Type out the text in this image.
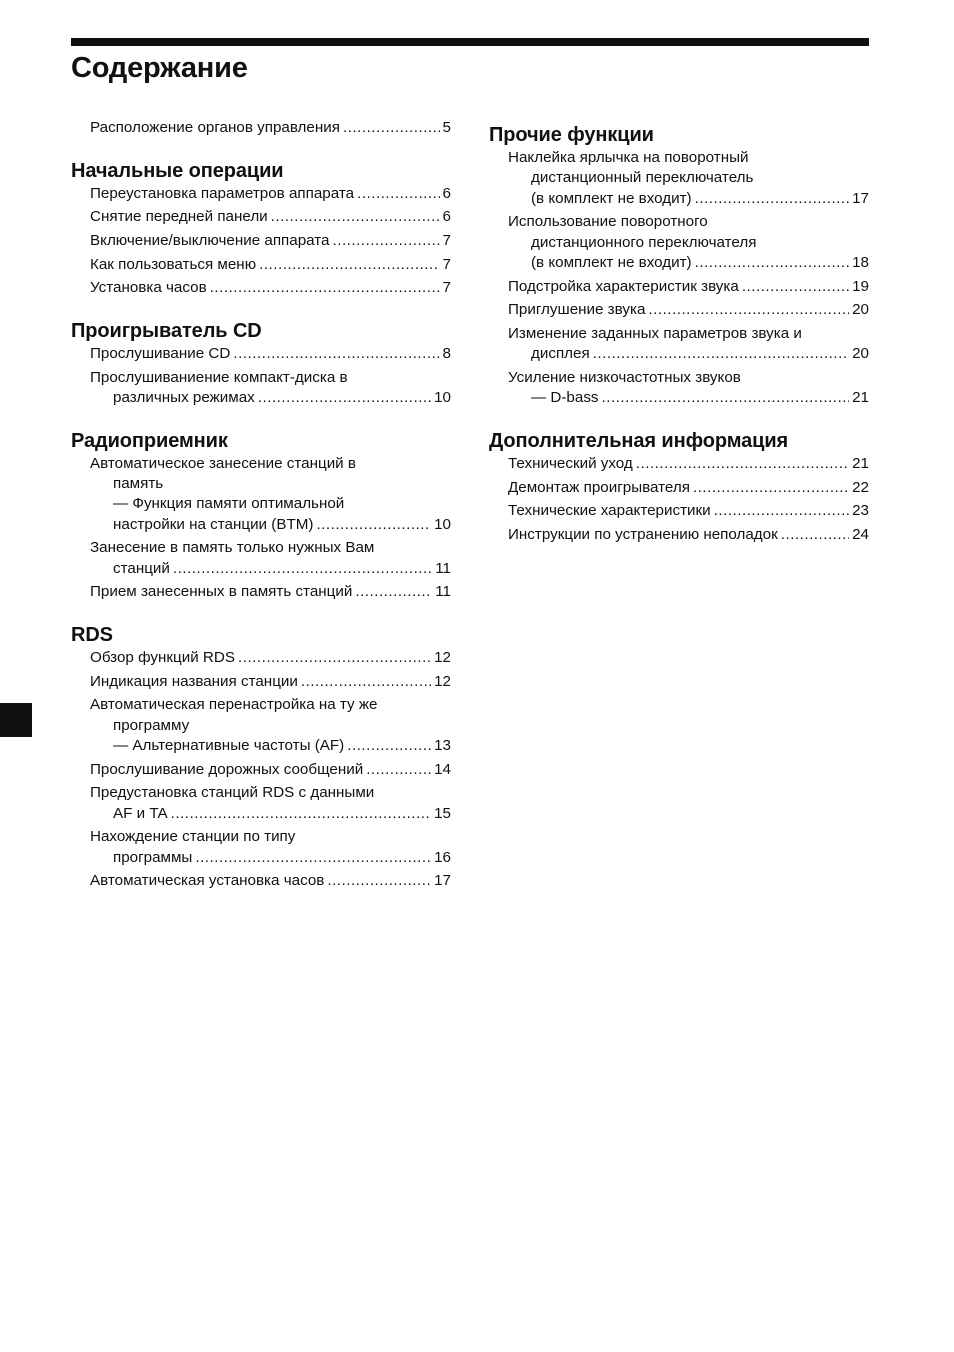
Содержание
Расположение органов управления .....	5
Начальные операции
Переустановка параметров аппарата .....	6
Снятие передней панели .....	6
Включение/выключение аппарата .....	7
Как пользоваться меню .....	7
Установка часов .....	7
Проигрыватель CD
Прослушивание CD .....	8
Прослушиваниение компакт-диска в
различных режимах .....	10
Радиоприемник
Автоматическое занесение станций в
память
— Функция памяти оптимальной
настройки на станции (BTM) .....	10
Занесение в память только нужных Вам
станций .....	11
Прием занесенных в память станций .....	11
RDS
Обзор функций RDS .....	12
Индикация названия станции .....	12
Автоматическая перенастройка на ту же
программу
— Альтернативные частоты (AF) .....	13
Прослушивание дорожных сообщений .....	14
Предустановка станций RDS с данными
AF и TA .....	15
Нахождение станции по типу
программы .....	16
Автоматическая установка часов .....	17
Прочие функции
Наклейка ярлычка на поворотный
дистанционный переключатель
(в комплект не входит) .....	17
Использование поворотного
дистанционного переключателя
(в комплект не входит) .....	18
Подстройка характеристик звука .....	19
Приглушение звука .....	20
Изменение заданных параметров звука и
дисплея .....	20
Усиление низкочастотных звуков
— D-bass .....	21
Дополнительная информация
Технический уход .....	21
Демонтаж проигрывателя .....	22
Технические характеристики .....	23
Инструкции по устранению неполадок .....	24
